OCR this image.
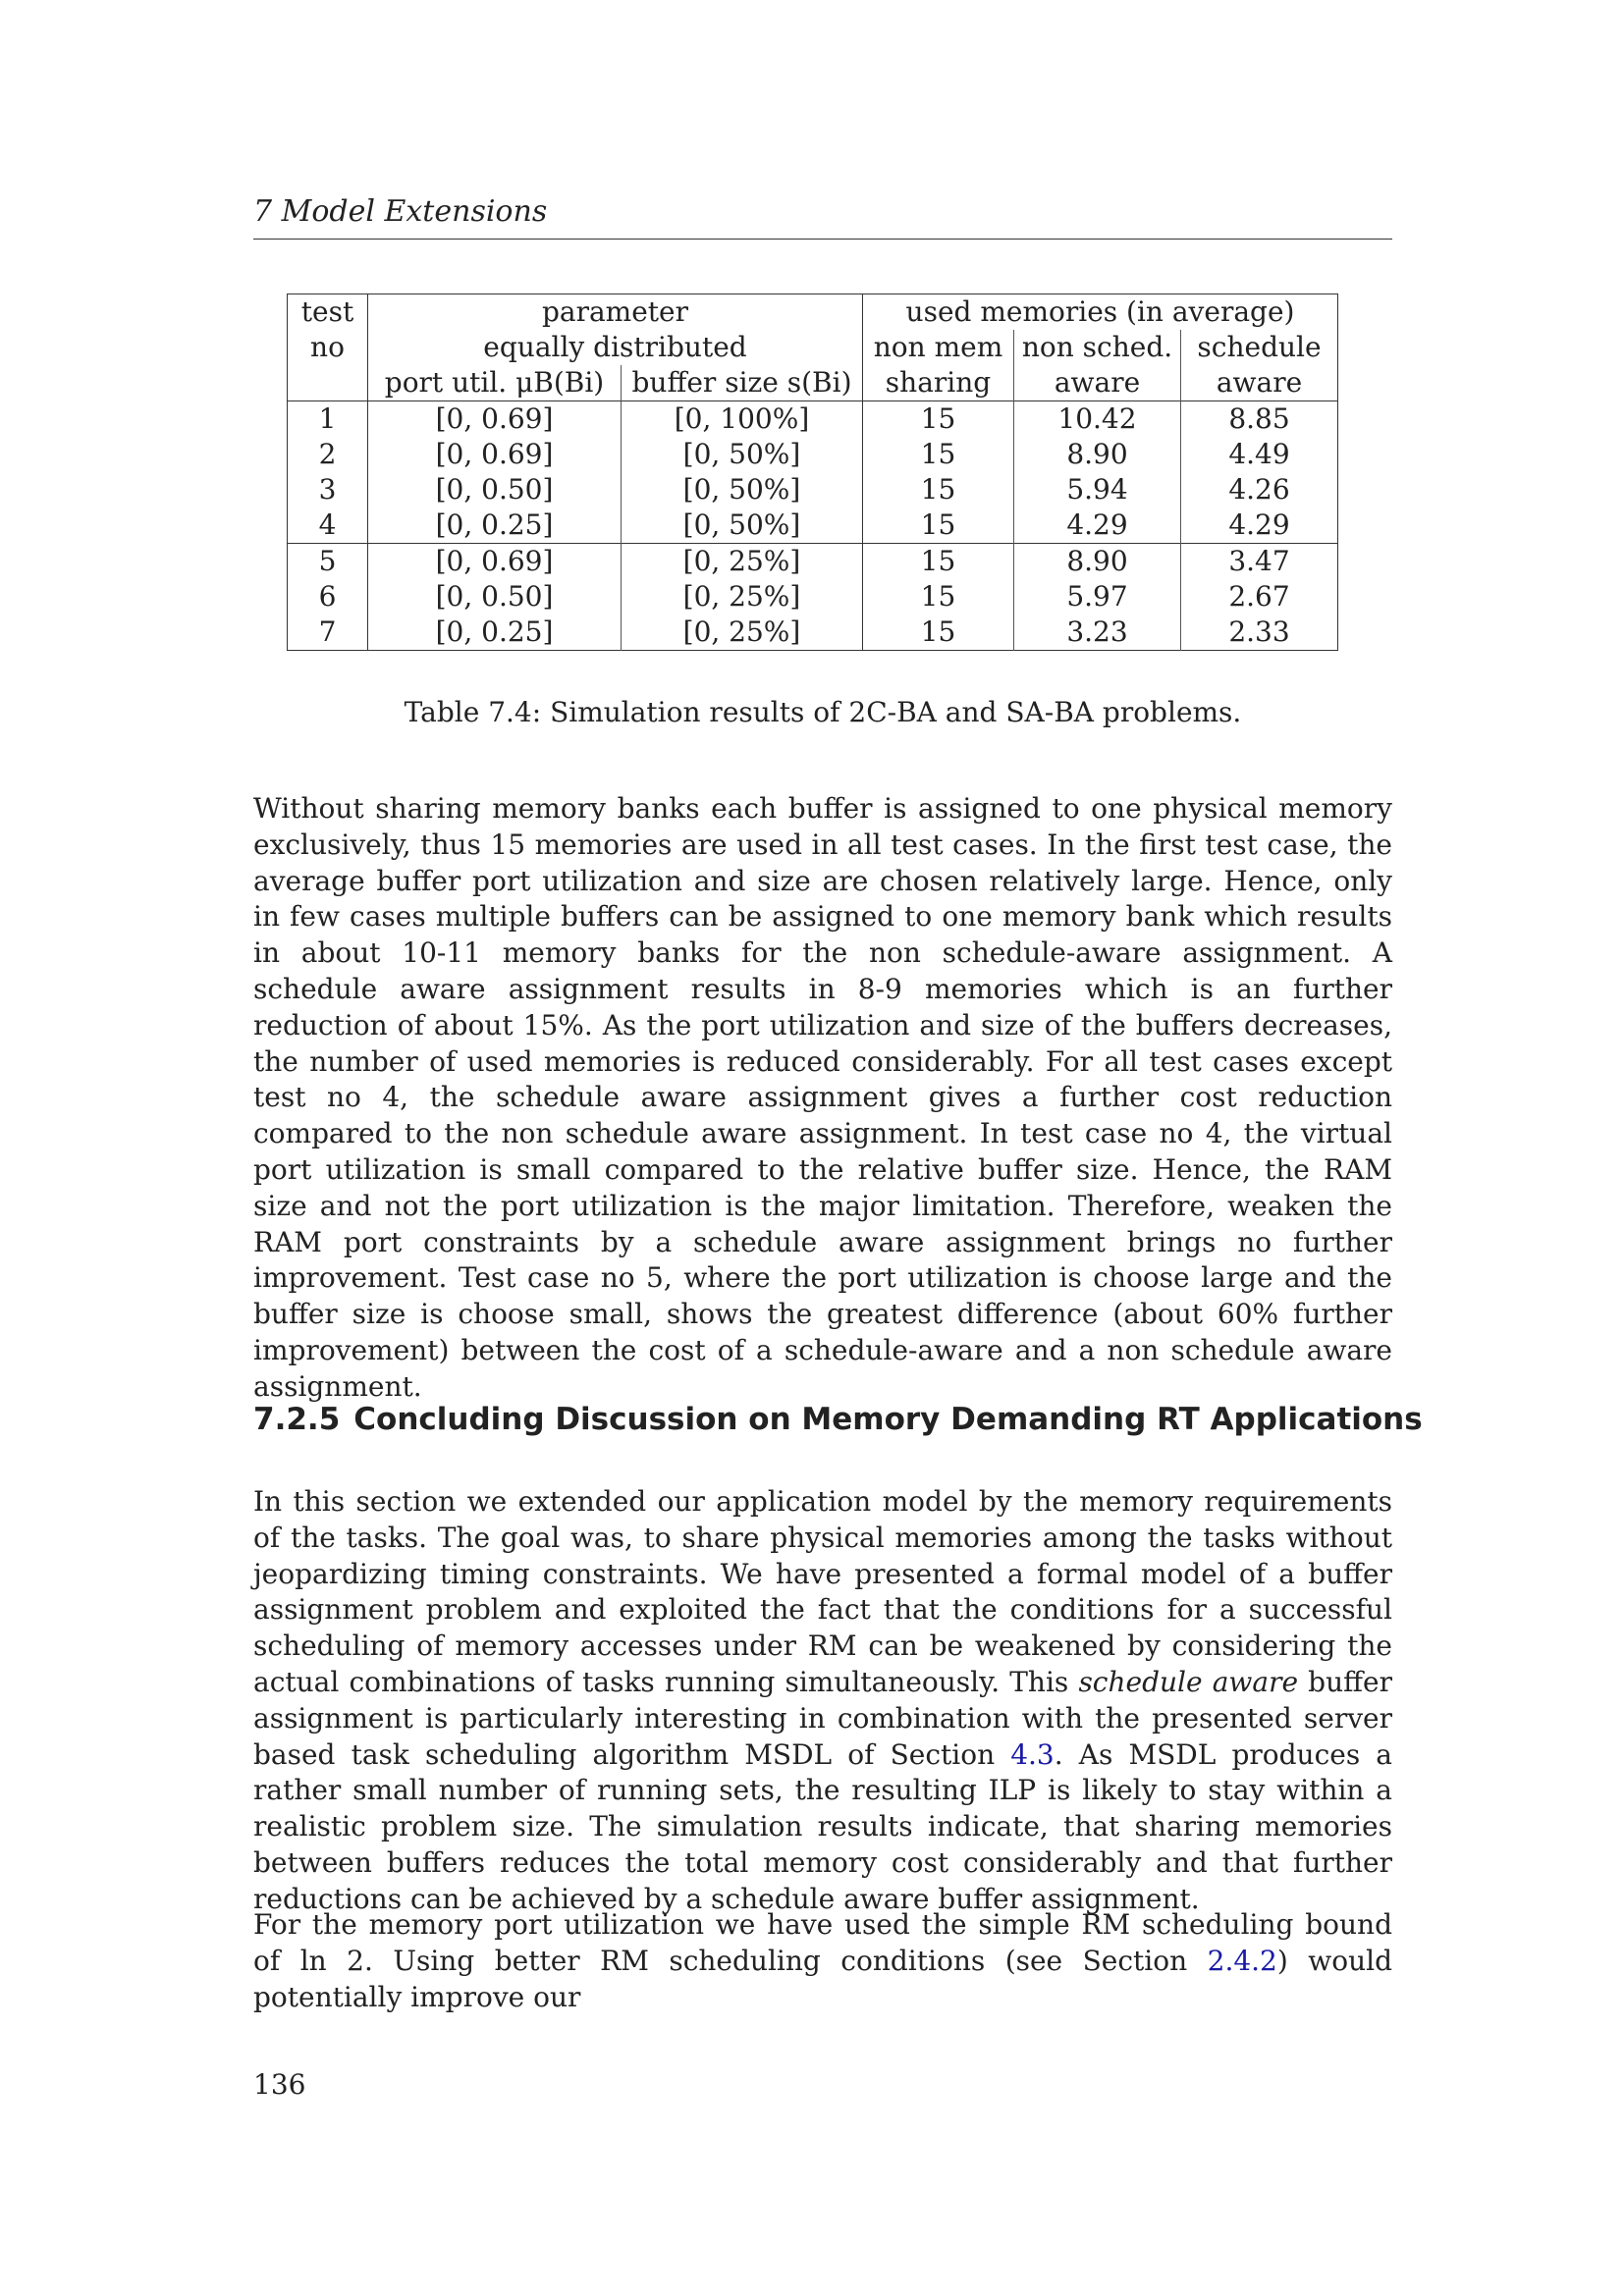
7 Model Extensions
test	parameter		used memories (in average)		
no	equally distributed		non mem	non sched.	schedule
	port util. μB(Bi)	buffer size s(Bi)	sharing	aware	aware
1	[0, 0.69]	[0, 100%]	15	10.42	8.85
2	[0, 0.69]	[0, 50%]	15	8.90	4.49
3	[0, 0.50]	[0, 50%]	15	5.94	4.26
4	[0, 0.25]	[0, 50%]	15	4.29	4.29
5	[0, 0.69]	[0, 25%]	15	8.90	3.47
6	[0, 0.50]	[0, 25%]	15	5.97	2.67
7	[0, 0.25]	[0, 25%]	15	3.23	2.33
Table 7.4: Simulation results of 2C-BA and SA-BA problems.

Without sharing memory banks each buffer is assigned to one physical memory exclusively, thus 15 memories are used in all test cases. In the first test case, the average buffer port utilization and size are chosen relatively large. Hence, only in few cases multiple buffers can be assigned to one memory bank which results in about 10-11 memory banks for the non schedule-aware assignment. A schedule aware assignment results in 8-9 memories which is an further reduction of about 15%. As the port utilization and size of the buffers decreases, the number of used memories is reduced considerably. For all test cases except test no 4, the schedule aware assignment gives a further cost reduction compared to the non schedule aware assignment. In test case no 4, the virtual port utilization is small compared to the relative buffer size. Hence, the RAM size and not the port utilization is the major limitation. Therefore, weaken the RAM port constraints by a schedule aware assignment brings no further improvement. Test case no 5, where the port utilization is choose large and the buffer size is choose small, shows the greatest difference (about 60% further improvement) between the cost of a schedule-aware and a non schedule aware assignment.

7.2.5 Concluding Discussion on Memory Demanding RT Applications

In this section we extended our application model by the memory requirements of the tasks. The goal was, to share physical memories among the tasks without jeopardizing timing constraints. We have presented a formal model of a buffer assignment problem and exploited the fact that the conditions for a successful scheduling of memory accesses under RM can be weakened by considering the actual combinations of tasks running simultaneously. This schedule aware buffer assignment is particularly interesting in combination with the presented server based task scheduling algorithm MSDL of Section 4.3. As MSDL produces a rather small number of running sets, the resulting ILP is likely to stay within a realistic problem size. The simulation results indicate, that sharing memories between buffers reduces the total memory cost considerably and that further reductions can be achieved by a schedule aware buffer assignment.

For the memory port utilization we have used the simple RM scheduling bound of ln 2. Using better RM scheduling conditions (see Section 2.4.2) would potentially improve our

136
